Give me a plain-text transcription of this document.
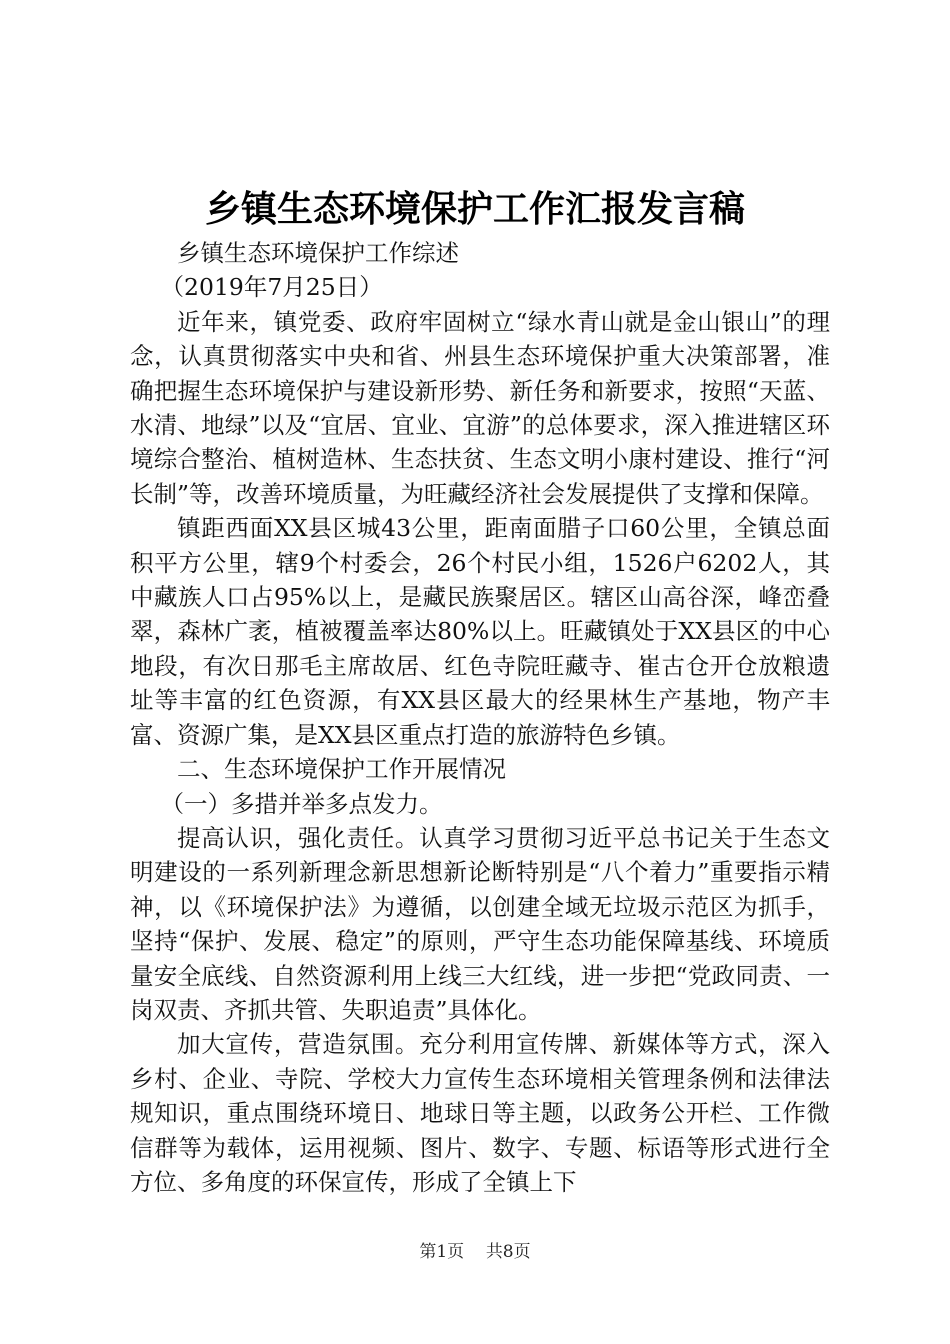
乡镇生态环境保护工作汇报发言稿

乡镇生态环境保护工作综述

（2019年7月25日）

近年来，镇党委、政府牢固树立“绿水青山就是金山银山”的理念，认真贯彻落实中央和省、州县生态环境保护重大决策部署，准确把握生态环境保护与建设新形势、新任务和新要求，按照“天蓝、水清、地绿”以及“宜居、宜业、宜游”的总体要求，深入推进辖区环境综合整治、植树造林、生态扶贫、生态文明小康村建设、推行“河长制”等，改善环境质量，为旺藏经济社会发展提供了支撑和保障。

镇距西面XX县区城43公里，距南面腊子口60公里，全镇总面积平方公里，辖9个村委会，26个村民小组，1526户6202人，其中藏族人口占95%以上，是藏民族聚居区。辖区山高谷深，峰峦叠翠，森林广袤，植被覆盖率达80%以上。旺藏镇处于XX县区的中心地段，有次日那毛主席故居、红色寺院旺藏寺、崔古仓开仓放粮遗址等丰富的红色资源，有XX县区最大的经果林生产基地，物产丰富、资源广集，是XX县区重点打造的旅游特色乡镇。

二、生态环境保护工作开展情况

（一）多措并举多点发力。

提高认识，强化责任。认真学习贯彻习近平总书记关于生态文明建设的一系列新理念新思想新论断特别是“八个着力”重要指示精神，以《环境保护法》为遵循，以创建全域无垃圾示范区为抓手，坚持“保护、发展、稳定”的原则，严守生态功能保障基线、环境质量安全底线、自然资源利用上线三大红线，进一步把“党政同责、一岗双责、齐抓共管、失职追责”具体化。

加大宣传，营造氛围。充分利用宣传牌、新媒体等方式，深入乡村、企业、寺院、学校大力宣传生态环境相关管理条例和法律法规知识，重点围绕环境日、地球日等主题，以政务公开栏、工作微信群等为载体，运用视频、图片、数字、专题、标语等形式进行全方位、多角度的环保宣传，形成了全镇上下

第1页 共8页
